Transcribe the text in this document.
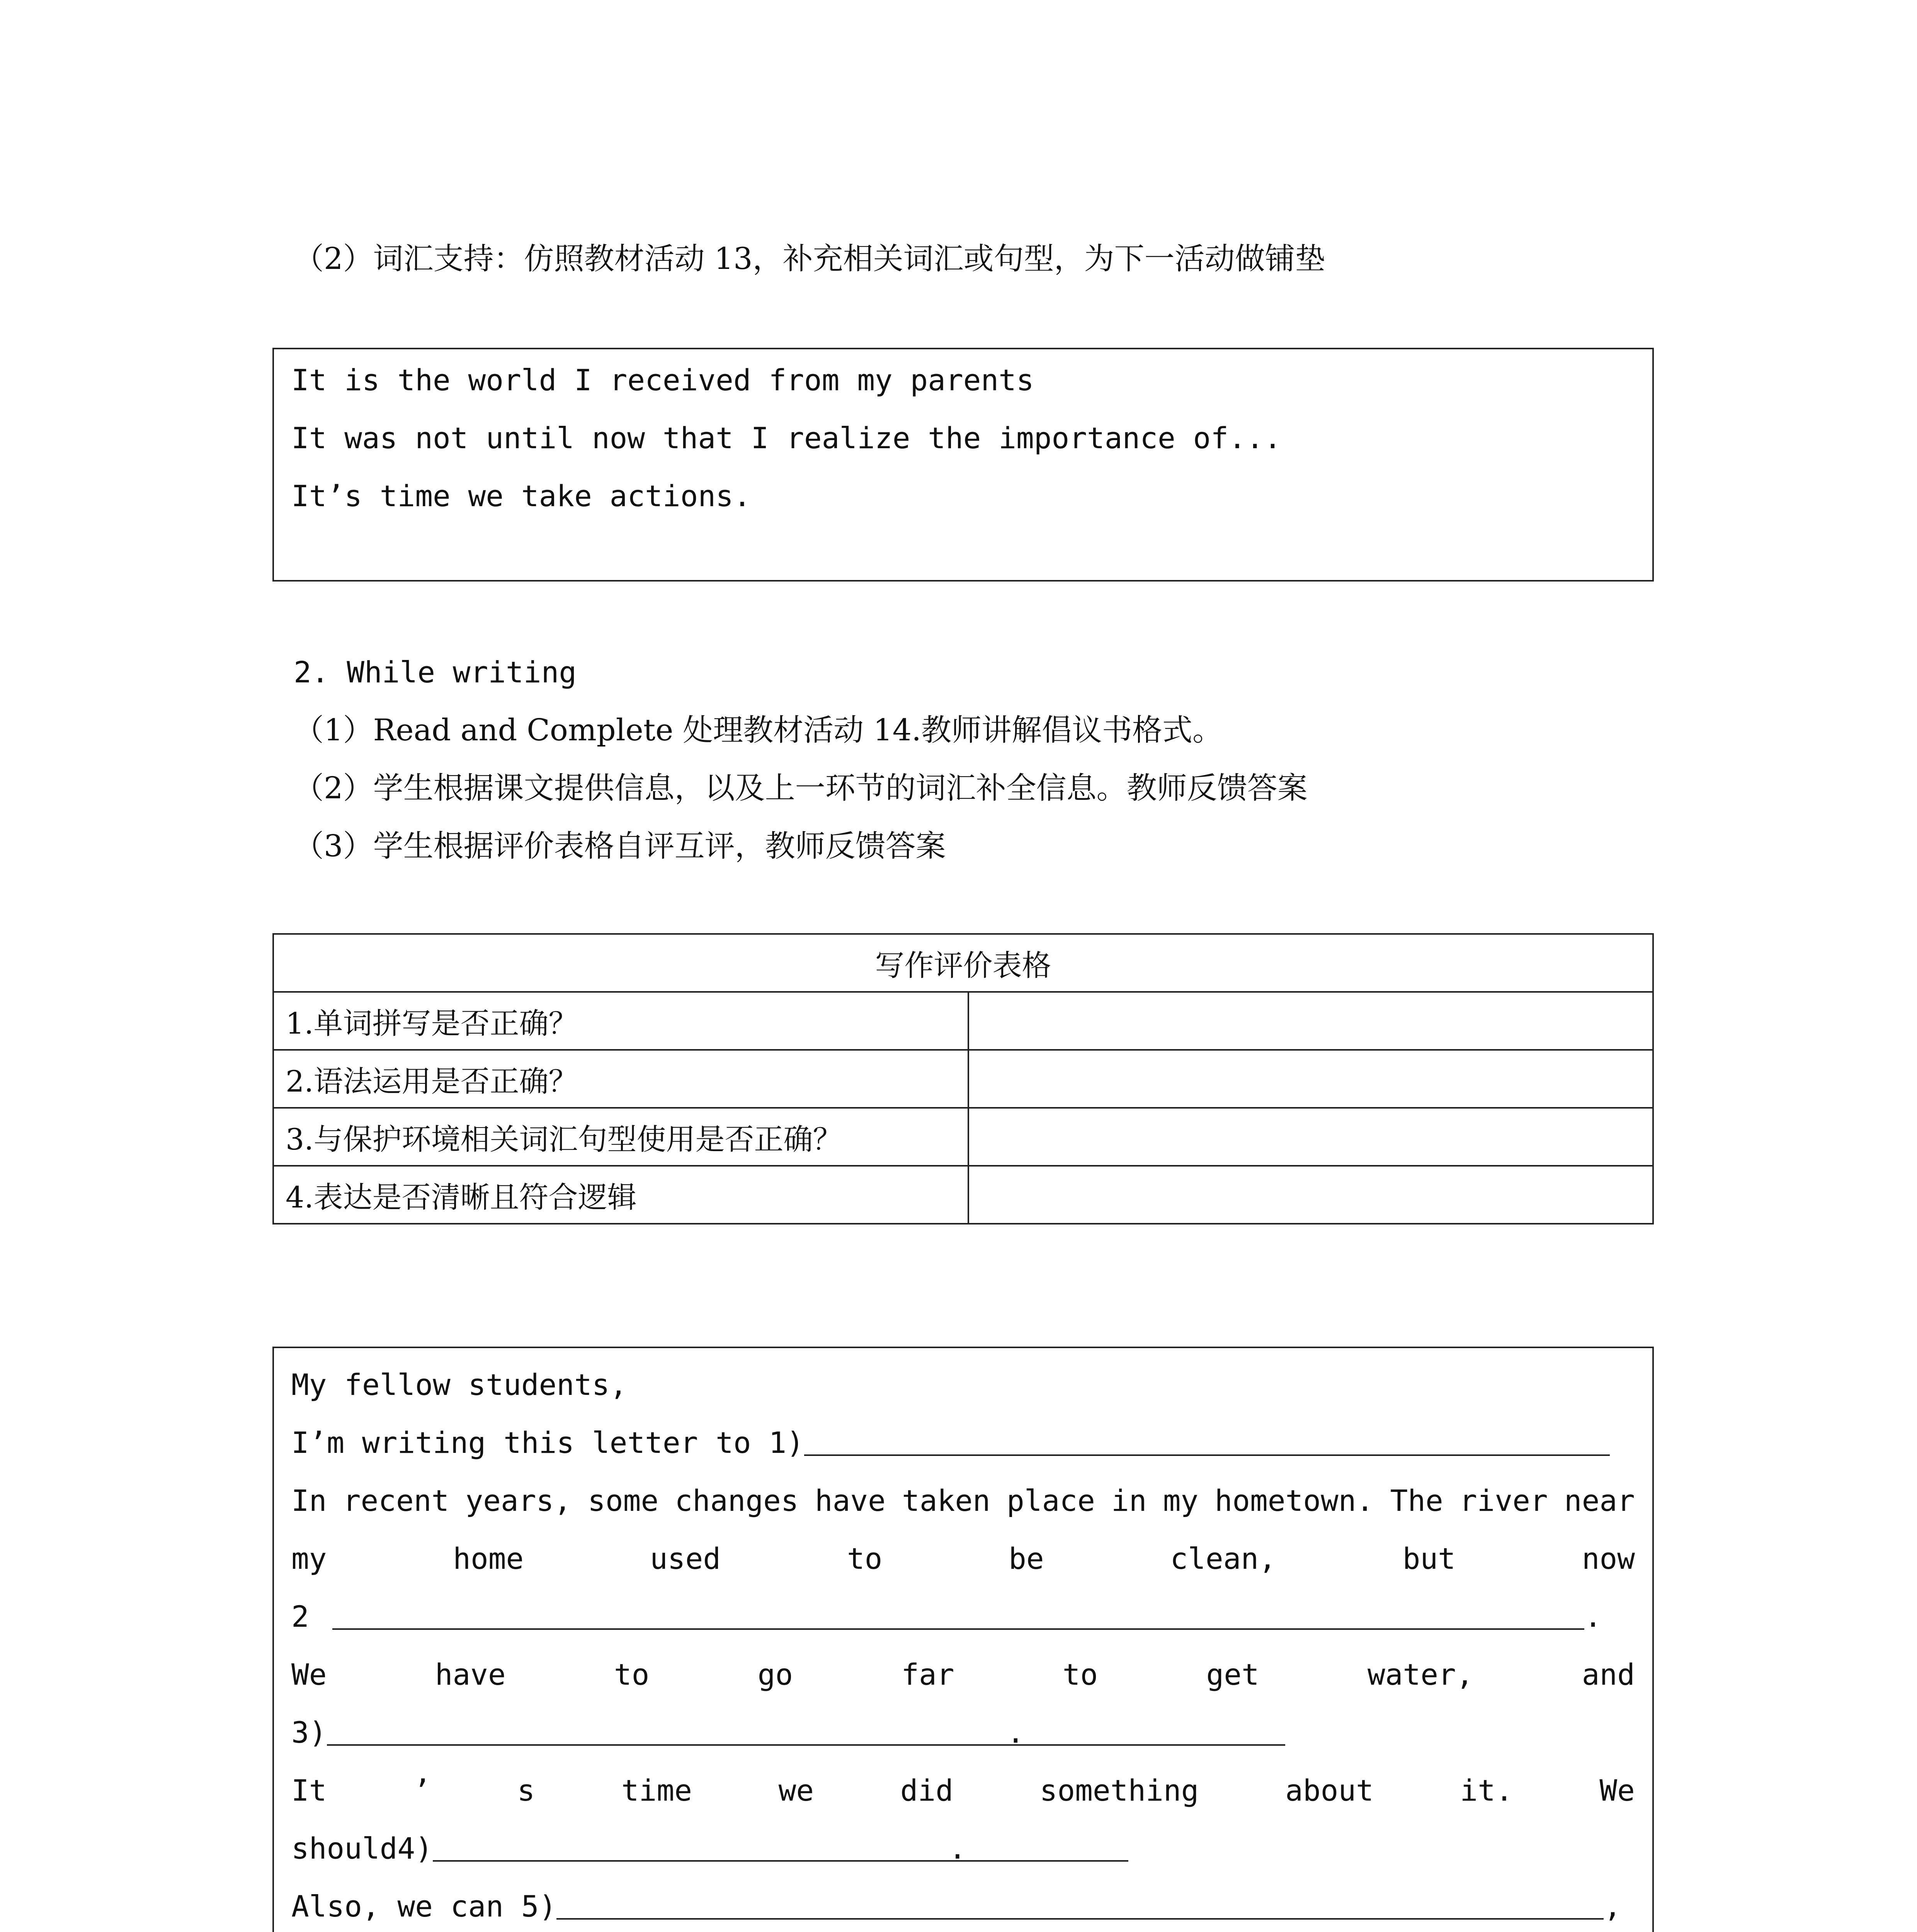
（2）词汇支持：仿照教材活动 13，补充相关词汇或句型，为下一活动做铺垫
It is the world I received from my parents
It was not until now that I realize the importance of...
It’s time we take actions.
2. While writing
（1）Read and Complete 处理教材活动 14.教师讲解倡议书格式。
（2）学生根据课文提供信息，以及上一环节的词汇补全信息。教师反馈答案
（3）学生根据评价表格自评互评，教师反馈答案
写作评价表格	
1.单词拼写是否正确？	
2.语法运用是否正确？	
3.与保护环境相关词汇句型使用是否正确？	
4.表达是否清晰且符合逻辑	
My fellow students,
I’m writing this letter to 1)
In recent years, some changes have taken place in my hometown. The river near
my	home	used	to	be	clean,	but	now
2	.
We	have	to	go	far	to	get	water,	and
3)	.
It	’	s	time	we	did	something	about	it.	We
should4)	.
Also, we can 5)	,
